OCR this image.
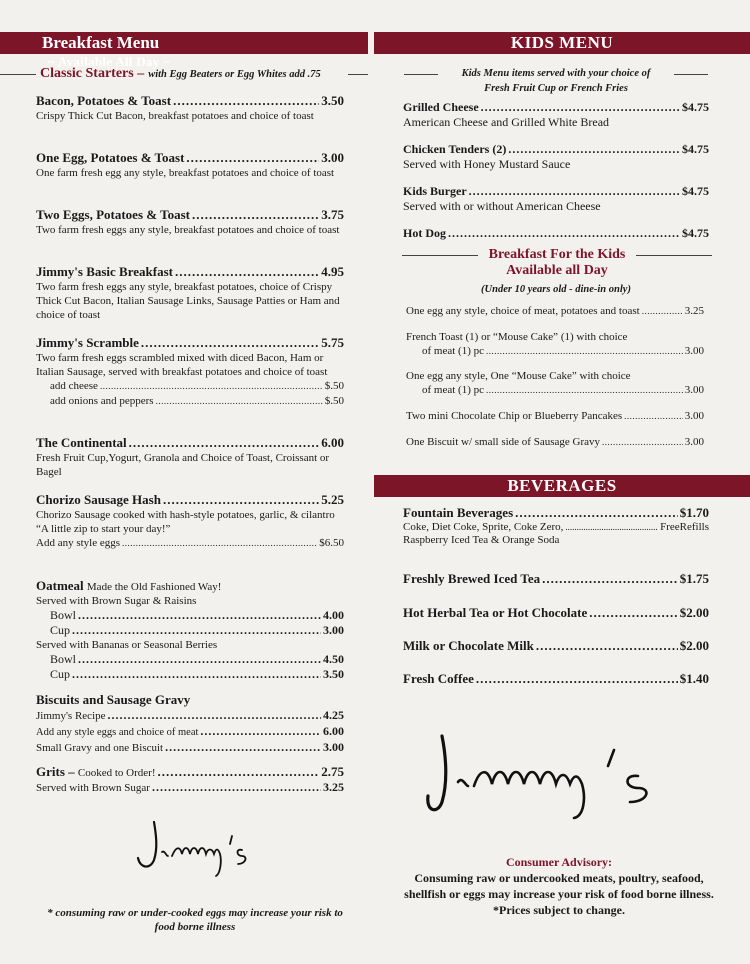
Breakfast Menu
~ Available All Day ~
KIDS MENU
BEVERAGES
Classic Starters – with Egg Beaters or Egg Whites add .75
Bacon, Potatoes & Toast .....	3.50
Crispy Thick Cut Bacon, breakfast potatoes and choice of toast
One Egg, Potatoes & Toast .....	3.00
One farm fresh egg any style, breakfast potatoes and choice of toast
Two Eggs, Potatoes & Toast .....	3.75
Two farm fresh eggs any style, breakfast potatoes and choice of toast
Jimmy's Basic Breakfast .....	4.95
Two farm fresh eggs any style, breakfast potatoes, choice of Crispy Thick Cut Bacon, Italian Sausage Links, Sausage Patties or Ham and choice of toast
Jimmy's Scramble .....	5.75
Two farm fresh eggs scrambled mixed with diced Bacon, Ham or Italian Sausage, served with breakfast potatoes and choice of toast
add cheese .....	$.50
add onions and peppers .....	$.50
The Continental .....	6.00
Fresh Fruit Cup,Yogurt, Granola and Choice of Toast, Croissant or Bagel
Chorizo Sausage Hash .....	5.25
Chorizo Sausage cooked with hash-style potatoes, garlic, & cilantro
“A little zip to start your day!”
Add any style eggs .....	$6.50
Oatmeal Made the Old Fashioned Way!
Served with Brown Sugar & Raisins
Bowl .....	4.00
Cup .....	3.00
Served with Bananas or Seasonal Berries
Bowl .....	4.50
Cup .....	3.50
Biscuits and Sausage Gravy
Jimmy's Recipe .....	4.25
Add any style eggs and choice of meat .....	6.00
Small Gravy and one Biscuit .....	3.00
Grits – Cooked to Order! .....	2.75
Served with Brown Sugar .....	3.25
* consuming raw or under-cooked eggs may increase your risk to food borne illness
Kids Menu items served with your choice of
Fresh Fruit Cup or French Fries
Grilled Cheese .....	$4.75
American Cheese and Grilled White Bread
Chicken Tenders (2) .....	$4.75
Served with Honey Mustard Sauce
Kids Burger .....	$4.75
Served with or without American Cheese
Hot Dog .....	$4.75
Breakfast For the Kids
Available all Day
(Under 10 years old - dine-in only)
One egg any style, choice of meat, potatoes and toast .....	3.25
French Toast (1) or “Mouse Cake” (1) with choice
of meat (1) pc .....	3.00
One egg any style, One “Mouse Cake” with choice
of meat (1) pc .....	3.00
Two mini Chocolate Chip or Blueberry Pancakes .....	3.00
One Biscuit w/ small side of Sausage Gravy .....	3.00
Fountain Beverages .....	$1.70
Coke, Diet Coke, Sprite, Coke Zero, .....	FreeRefills
Raspberry Iced Tea & Orange Soda
Freshly Brewed Iced Tea .....	$1.75
Hot Herbal Tea or Hot Chocolate .....	$2.00
Milk or Chocolate Milk .....	$2.00
Fresh Coffee .....	$1.40
Consumer Advisory:
Consuming raw or undercooked meats, poultry, seafood, shellfish or eggs may increase your risk of food borne illness.
*Prices subject to change.
